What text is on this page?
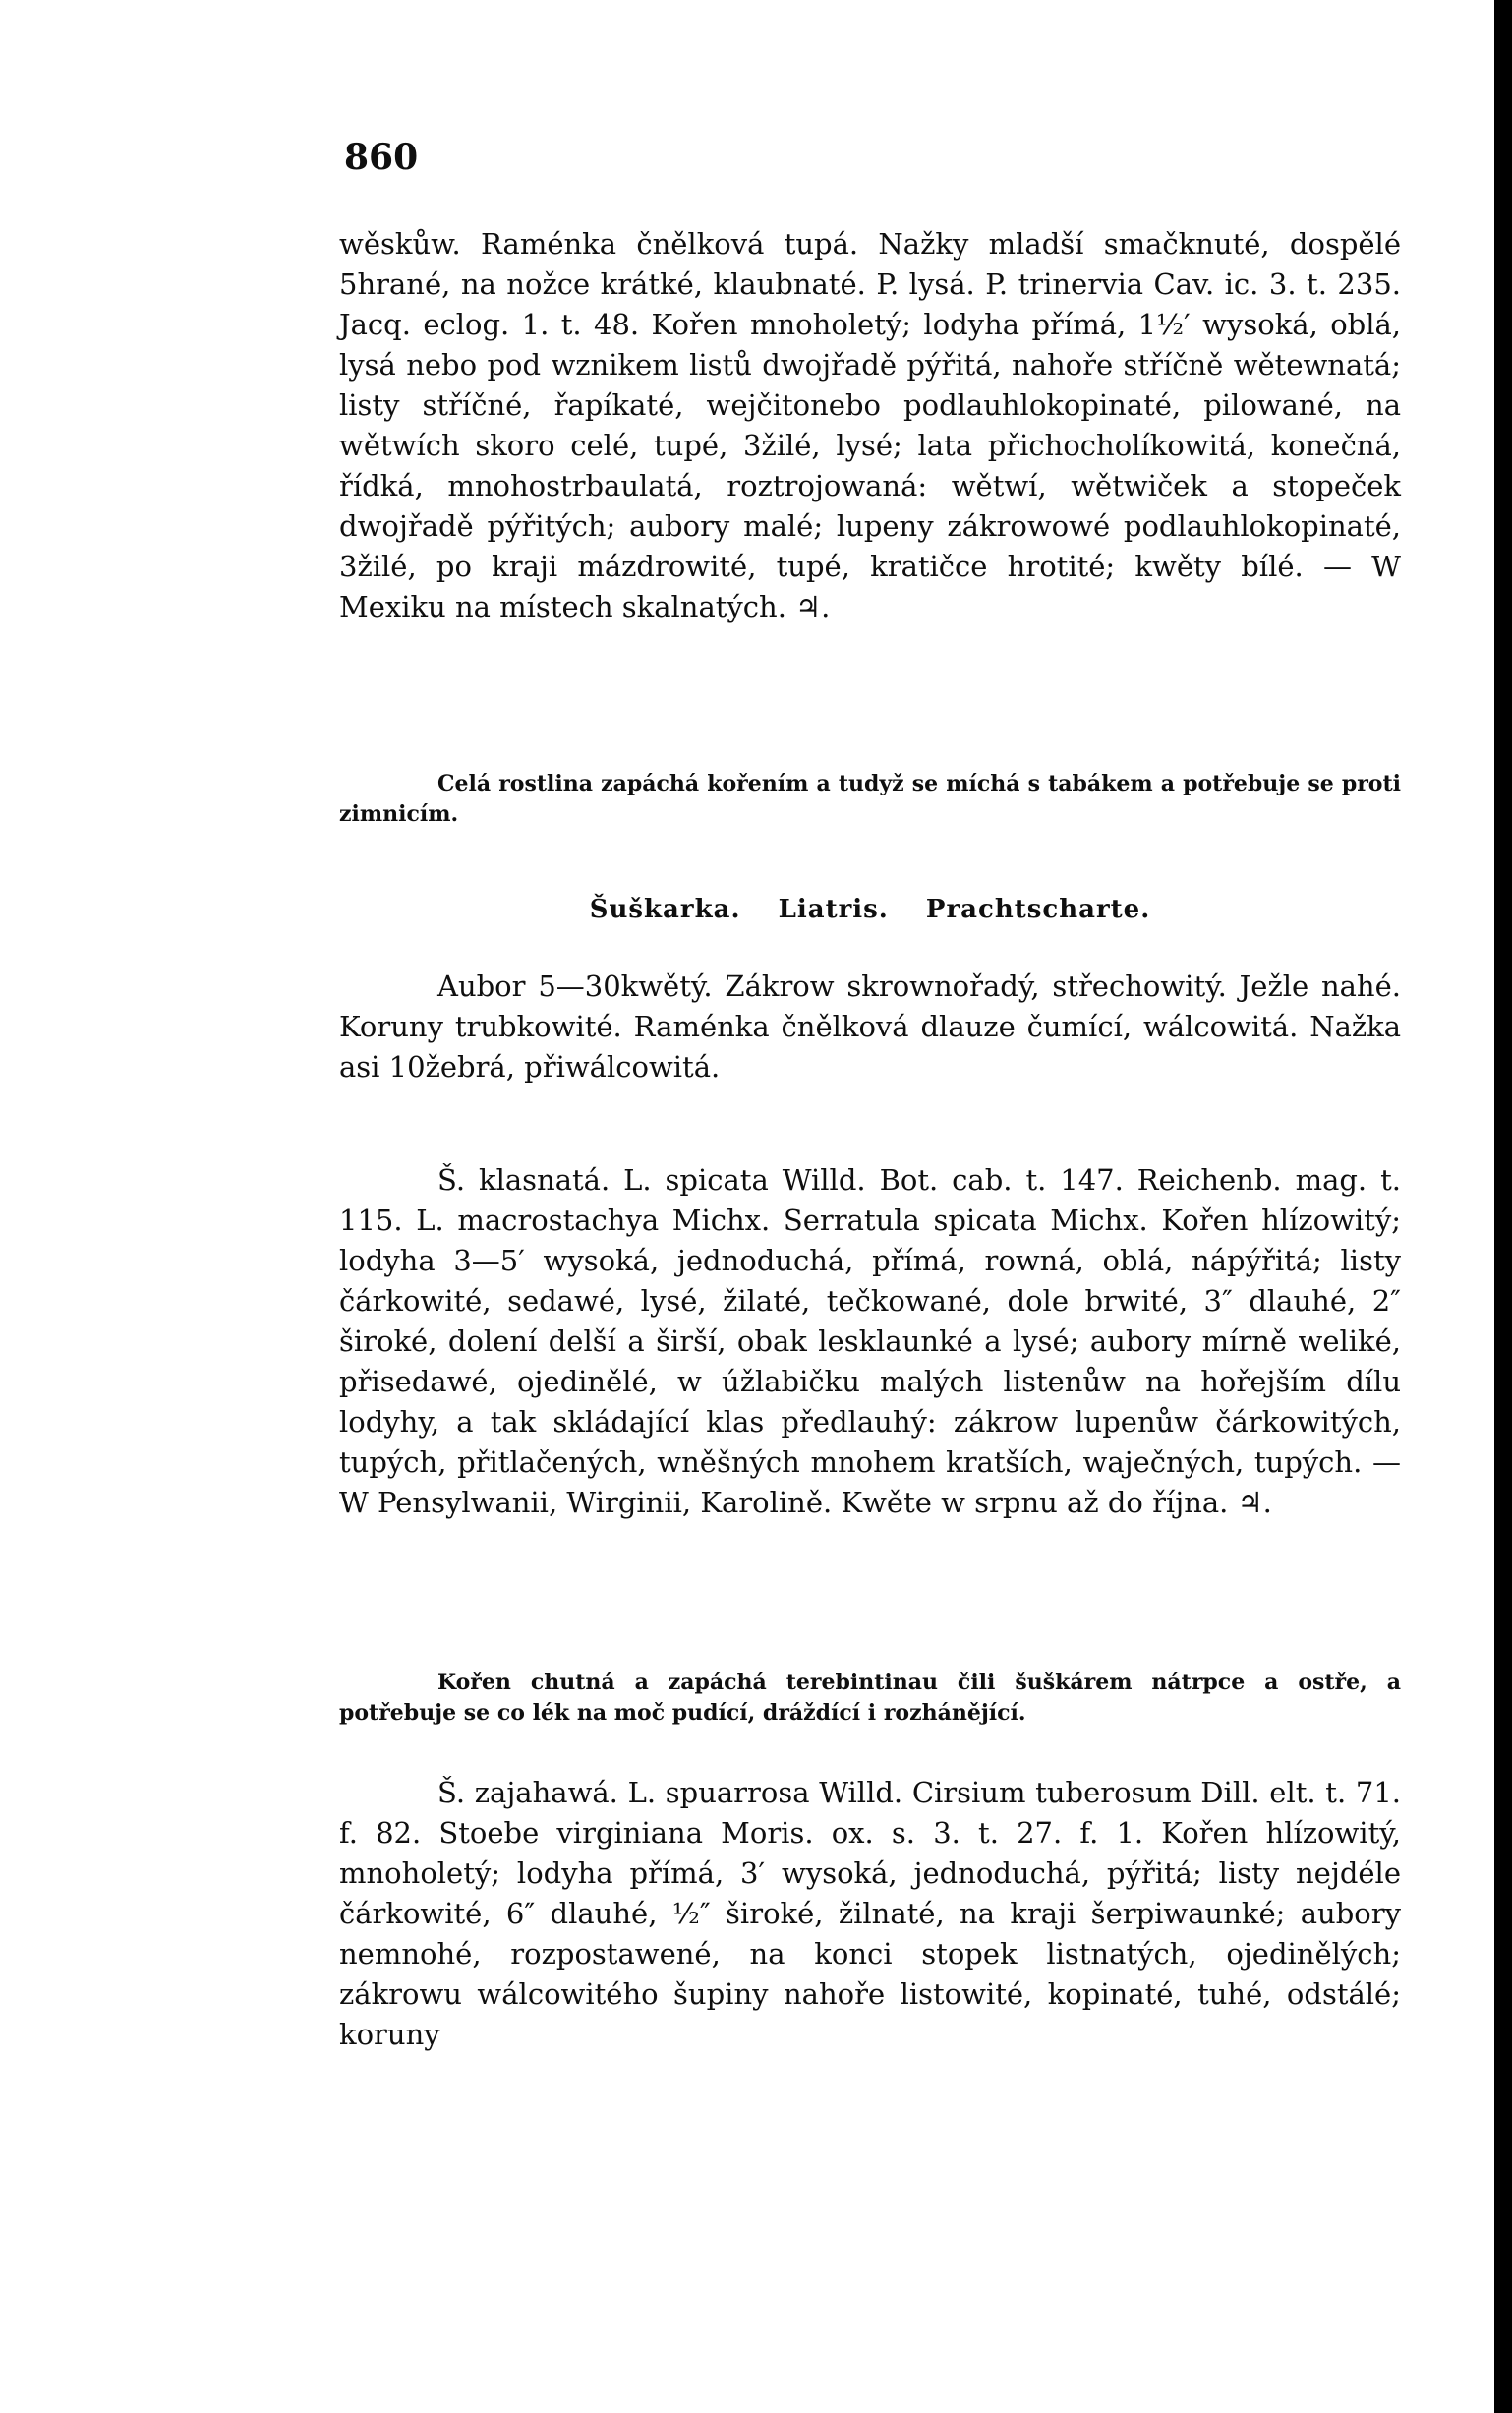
860

wěskůw. Raménka čnělková tupá. Nažky mladší smačknuté, dospělé 5hrané, na nožce krátké, klaubnaté. P. lysá. P. trinervia Cav. ic. 3. t. 235. Jacq. eclog. 1. t. 48. Kořen mnoholetý; lodyha přímá, 1½′ wysoká, oblá, lysá nebo pod wznikem listů dwojřadě pýřitá, nahoře stříčně wětewnatá; listy stříčné, řapíkaté, wejčitonebo podlauhlokopinaté, pilowané, na wětwích skoro celé, tupé, 3žilé, lysé; lata přichocholíkowitá, konečná, řídká, mnohostrbaulatá, roztrojowaná: wětwí, wětwiček a stopeček dwojřadě pýřitých; aubory malé; lupeny zákrowowé podlauhlokopinaté, 3žilé, po kraji mázdrowité, tupé, kratičce hrotité; kwěty bílé. — W Mexiku na místech skalnatých. ♃.

Celá rostlina zapáchá kořením a tudyž se míchá s tabákem a potřebuje se proti zimnicím.

Šuškarka. Liatris. Prachtscharte.

Aubor 5—30kwětý. Zákrow skrownořadý, střechowitý. Ježle nahé. Koruny trubkowité. Raménka čnělková dlauze čumící, wálcowitá. Nažka asi 10žebrá, přiwálcowitá.

Š. klasnatá. L. spicata Willd. Bot. cab. t. 147. Reichenb. mag. t. 115. L. macrostachya Michx. Serratula spicata Michx. Kořen hlízowitý; lodyha 3—5′ wysoká, jednoduchá, přímá, rowná, oblá, nápýřitá; listy čárkowité, sedawé, lysé, žilaté, tečkowané, dole brwité, 3″ dlauhé, 2″ široké, dolení delší a širší, obak lesklaunké a lysé; aubory mírně weliké, přisedawé, ojedinělé, w úžlabičku malých listenůw na hořejším dílu lodyhy, a tak skládající klas předlauhý: zákrow lupenůw čárkowitých, tupých, přitlačených, wněšných mnohem kratších, waječných, tupých. — W Pensylwanii, Wirginii, Karolině. Kwěte w srpnu až do října. ♃.

Kořen chutná a zapáchá terebintinau čili šuškárem nátrpce a ostře, a potřebuje se co lék na moč pudící, dráždící i rozhánějící.

Š. zajahawá. L. spuarrosa Willd. Cirsium tuberosum Dill. elt. t. 71. f. 82. Stoebe virginiana Moris. ox. s. 3. t. 27. f. 1. Kořen hlízowitý, mnoholetý; lodyha přímá, 3′ wysoká, jednoduchá, pýřitá; listy nejdéle čárkowité, 6″ dlauhé, ½″ široké, žilnaté, na kraji šerpiwaunké; aubory nemnohé, rozpostawené, na konci stopek listnatých, ojedinělých; zákrowu wálcowitého šupiny nahoře listowité, kopinaté, tuhé, odstálé; koruny
